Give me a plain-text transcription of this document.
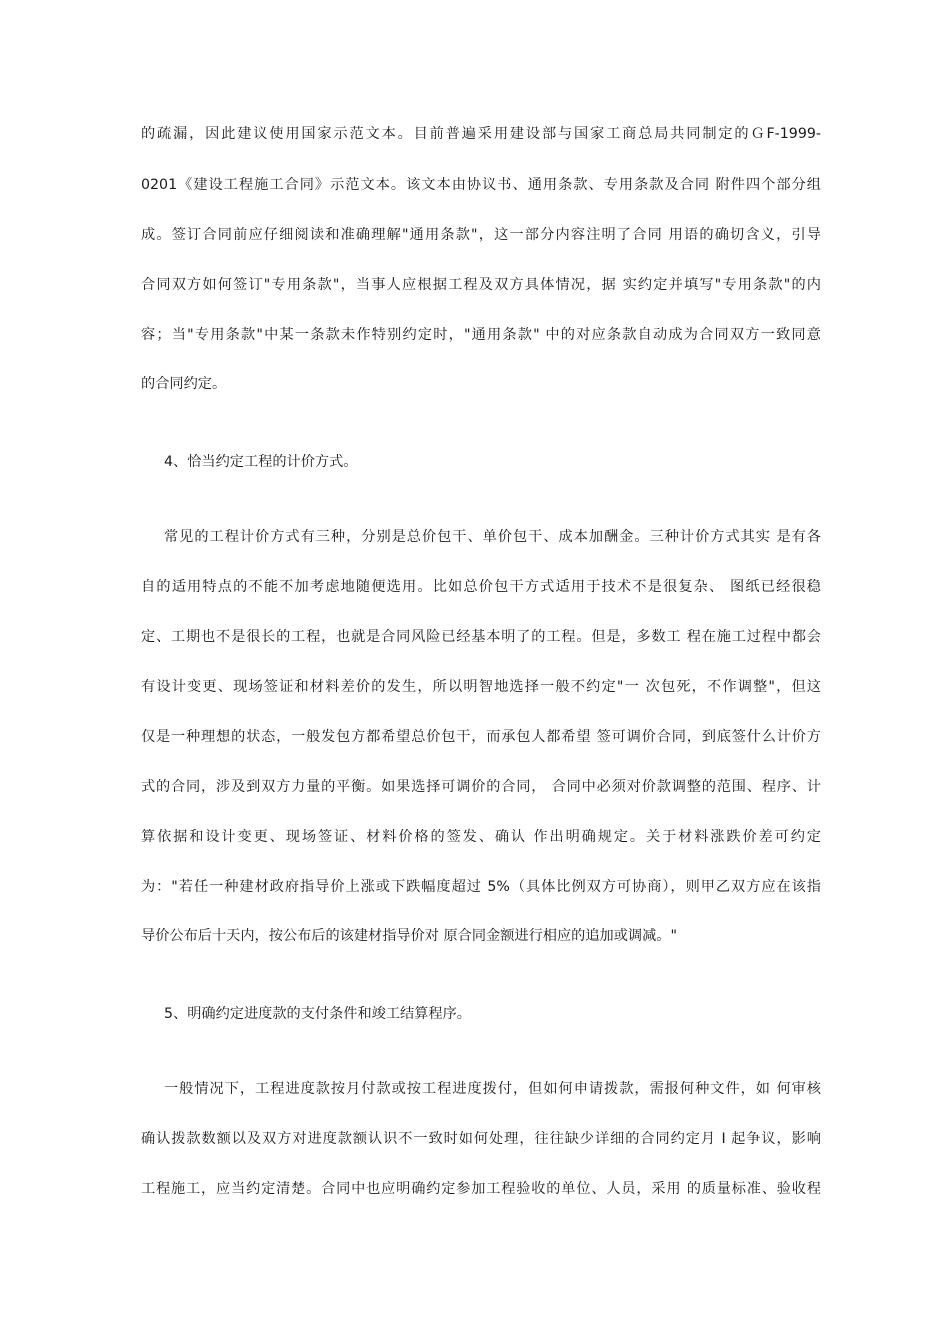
的疏漏，因此建议使用国家示范文本。目前普遍采用建设部与国家工商总局共同制定的ＧF-1999-
0201《建设工程施工合同》示范文本。该文本由协议书、通用条款、专用条款及合同 附件四个部分组
成。签订合同前应仔细阅读和准确理解"通用条款"，这一部分内容注明了合同 用语的确切含义，引导
合同双方如何签订"专用条款"，当事人应根据工程及双方具体情况，据 实约定并填写"专用条款"的内
容；当"专用条款"中某一条款未作特别约定时，"通用条款" 中的对应条款自动成为合同双方一致同意
的合同约定。
4、恰当约定工程的计价方式。
常见的工程计价方式有三种，分别是总价包干、单价包干、成本加酬金。三种计价方式其实 是有各
自的适用特点的不能不加考虑地随便选用。比如总价包干方式适用于技术不是很复杂、 图纸已经很稳
定、工期也不是很长的工程，也就是合同风险已经基本明了的工程。但是，多数工 程在施工过程中都会
有设计变更、现场签证和材料差价的发生，所以明智地选择一般不约定"一 次包死，不作调整"，但这
仅是一种理想的状态，一般发包方都希望总价包干，而承包人都希望 签可调价合同，到底签什么计价方
式的合同，涉及到双方力量的平衡。如果选择可调价的合同， 合同中必须对价款调整的范围、程序、计
算依据和设计变更、现场签证、材料价格的签发、确认 作出明确规定。关于材料涨跌价差可约定
为："若任一种建材政府指导价上涨或下跌幅度超过 5%（具体比例双方可协商），则甲乙双方应在该指
导价公布后十天内，按公布后的该建材指导价对 原合同金额进行相应的追加或调减。"
5、明确约定进度款的支付条件和竣工结算程序。
一般情况下，工程进度款按月付款或按工程进度拨付，但如何申请拨款，需报何种文件，如 何审核
确认拨款数额以及双方对进度款额认识不一致时如何处理，往往缺少详细的合同约定月 I 起争议，影响
工程施工，应当约定清楚。合同中也应明确约定参加工程验收的单位、人员，采用 的质量标准、验收程
